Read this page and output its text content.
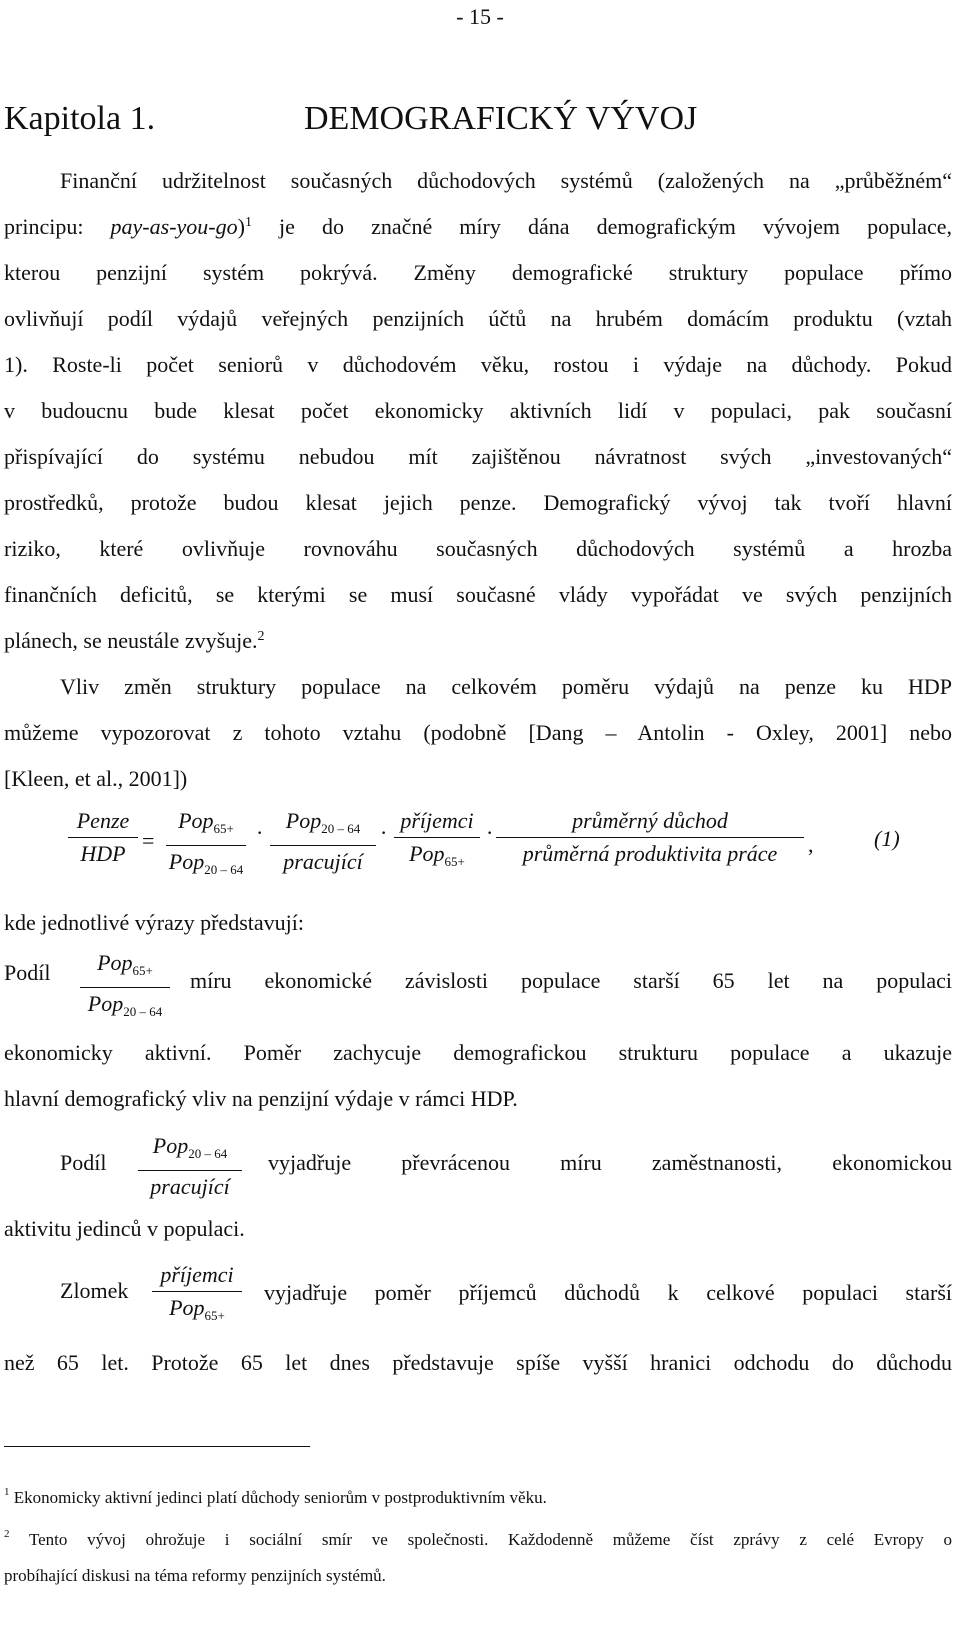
- 15 -
Kapitola 1.	DEMOGRAFICKÝ VÝVOJ
Finanční udržitelnost současných důchodových systémů (založených na „průběžném“
principu: pay-as-you-go)$^1$ je do značné míry dána demografickým vývojem populace,
kterou penzijní systém pokrývá. Změny demografické struktury populace přímo
ovlivňují podíl výdajů veřejných penzijních účtů na hrubém domácím produktu (vztah
1). Roste-li počet seniorů v důchodovém věku, rostou i výdaje na důchody. Pokud
v budoucnu bude klesat počet ekonomicky aktivních lidí v populaci, pak současní
přispívající do systému nebudou mít zajištěnou návratnost svých „investovaných“
prostředků, protože budou klesat jejich penze. Demografický vývoj tak tvoří hlavní
riziko, které ovlivňuje rovnováhu současných důchodových systémů a hrozba
finančních deficitů, se kterými se musí současné vlády vypořádat ve svých penzijních
plánech, se neustále zvyšuje.$^2$
Vliv změn struktury populace na celkovém poměru výdajů na penze ku HDP
můžeme vypozorovat z tohoto vztahu (podobně [Dang – Antolin - Oxley, 2001] nebo
[Kleen, et al., 2001])
Penze
HDP
=
Pop$_{65+}$
Pop$_{20 - 64}$
·	Pop$_{20 - 64}$
pracující
· příjemci
Pop$_{65+}$
·	průměrný důchod
průměrná produktivita práce	,	(1)
kde jednotlivé výrazy představují:
Podíl	Pop$_{65+}$
Pop$_{20 - 64}$
míru ekonomické závislosti populace starší 65 let na populaci
ekonomicky aktivní. Poměr zachycuje demografickou strukturu populace a ukazuje
hlavní demografický vliv na penzijní výdaje v rámci HDP.
Podíl
Pop$_{20 - 64}$
pracující
vyjadřuje převrácenou míru zaměstnanosti, ekonomickou
aktivitu jedinců v populaci.
Zlomek
příjemci
Pop$_{65+}$
vyjadřuje poměr příjemců důchodů k celkové populaci starší
než 65 let. Protože 65 let dnes představuje spíše vyšší hranici odchodu do důchodu
$^1$ Ekonomicky aktivní jedinci platí důchody seniorům v postproduktivním věku.
$^2$ Tento vývoj ohrožuje i sociální smír ve společnosti. Každodenně můžeme číst zprávy z celé Evropy o
probíhající diskusi na téma reformy penzijních systémů.
